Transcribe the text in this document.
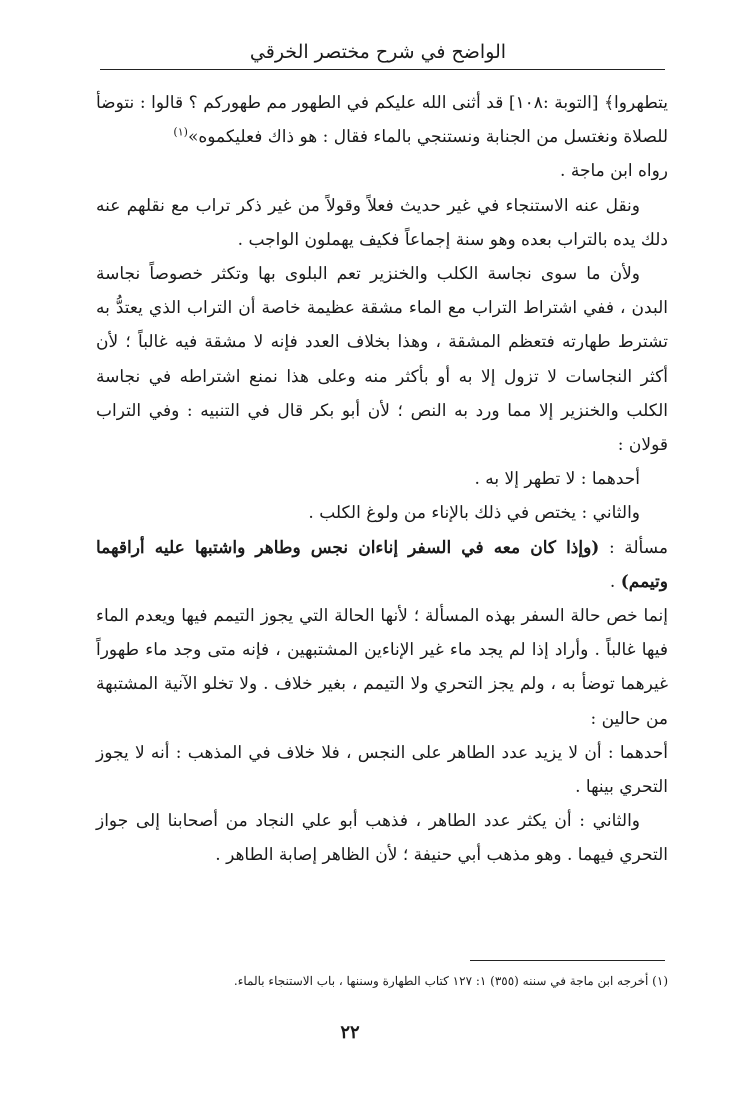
الواضح في شرح مختصر الخرقي

يتطهروا﴾ [التوبة :١٠٨] قد أثنى الله عليكم في الطهور مم طهوركم ؟ قالوا : نتوضأ للصلاة ونغتسل من الجنابة ونستنجي بالماء فقال : هو ذاك فعليكموه»$^{(١)}$

رواه ابن ماجة .

ونقل عنه الاستنجاء في غير حديث فعلاً وقولاً من غير ذكر تراب مع نقلهم عنه دلك يده بالتراب بعده وهو سنة إجماعاً فكيف يهملون الواجب .

ولأن ما سوى نجاسة الكلب والخنزير تعم البلوى بها وتكثر خصوصاً نجاسة البدن ، ففي اشتراط التراب مع الماء مشقة عظيمة خاصة أن التراب الذي يعتدُّ به تشترط طهارته فتعظم المشقة ، وهذا بخلاف العدد فإنه لا مشقة فيه غالباً ؛ لأن أكثر النجاسات لا تزول إلا به أو بأكثر منه وعلى هذا نمنع اشتراطه في نجاسة الكلب والخنزير إلا مما ورد به النص ؛ لأن أبو بكر قال في التنبيه : وفي التراب قولان :

أحدهما : لا تطهر إلا به .

والثاني : يختص في ذلك بالإناء من ولوغ الكلب .

مسألة : (وإذا كان معه في السفر إناءان نجس وطاهر واشتبها عليه أراقهما وتيمم) .

إنما خص حالة السفر بهذه المسألة ؛ لأنها الحالة التي يجوز التيمم فيها ويعدم الماء فيها غالباً . وأراد إذا لم يجد ماء غير الإناءين المشتبهين ، فإنه متى وجد ماء طهوراً غيرهما توضأ به ، ولم يجز التحري ولا التيمم ، بغير خلاف . ولا تخلو الآنية المشتبهة من حالين :

أحدهما : أن لا يزيد عدد الطاهر على النجس ، فلا خلاف في المذهب : أنه لا يجوز التحري بينها .

والثاني : أن يكثر عدد الطاهر ، فذهب أبو علي النجاد من أصحابنا إلى جواز التحري فيهما . وهو مذهب أبي حنيفة ؛ لأن الظاهر إصابة الطاهر .

(١) أخرجه ابن ماجة في سننه (٣٥٥) ١: ١٢٧ كتاب الطهارة وسننها ، باب الاستنجاء بالماء.
٢٢
